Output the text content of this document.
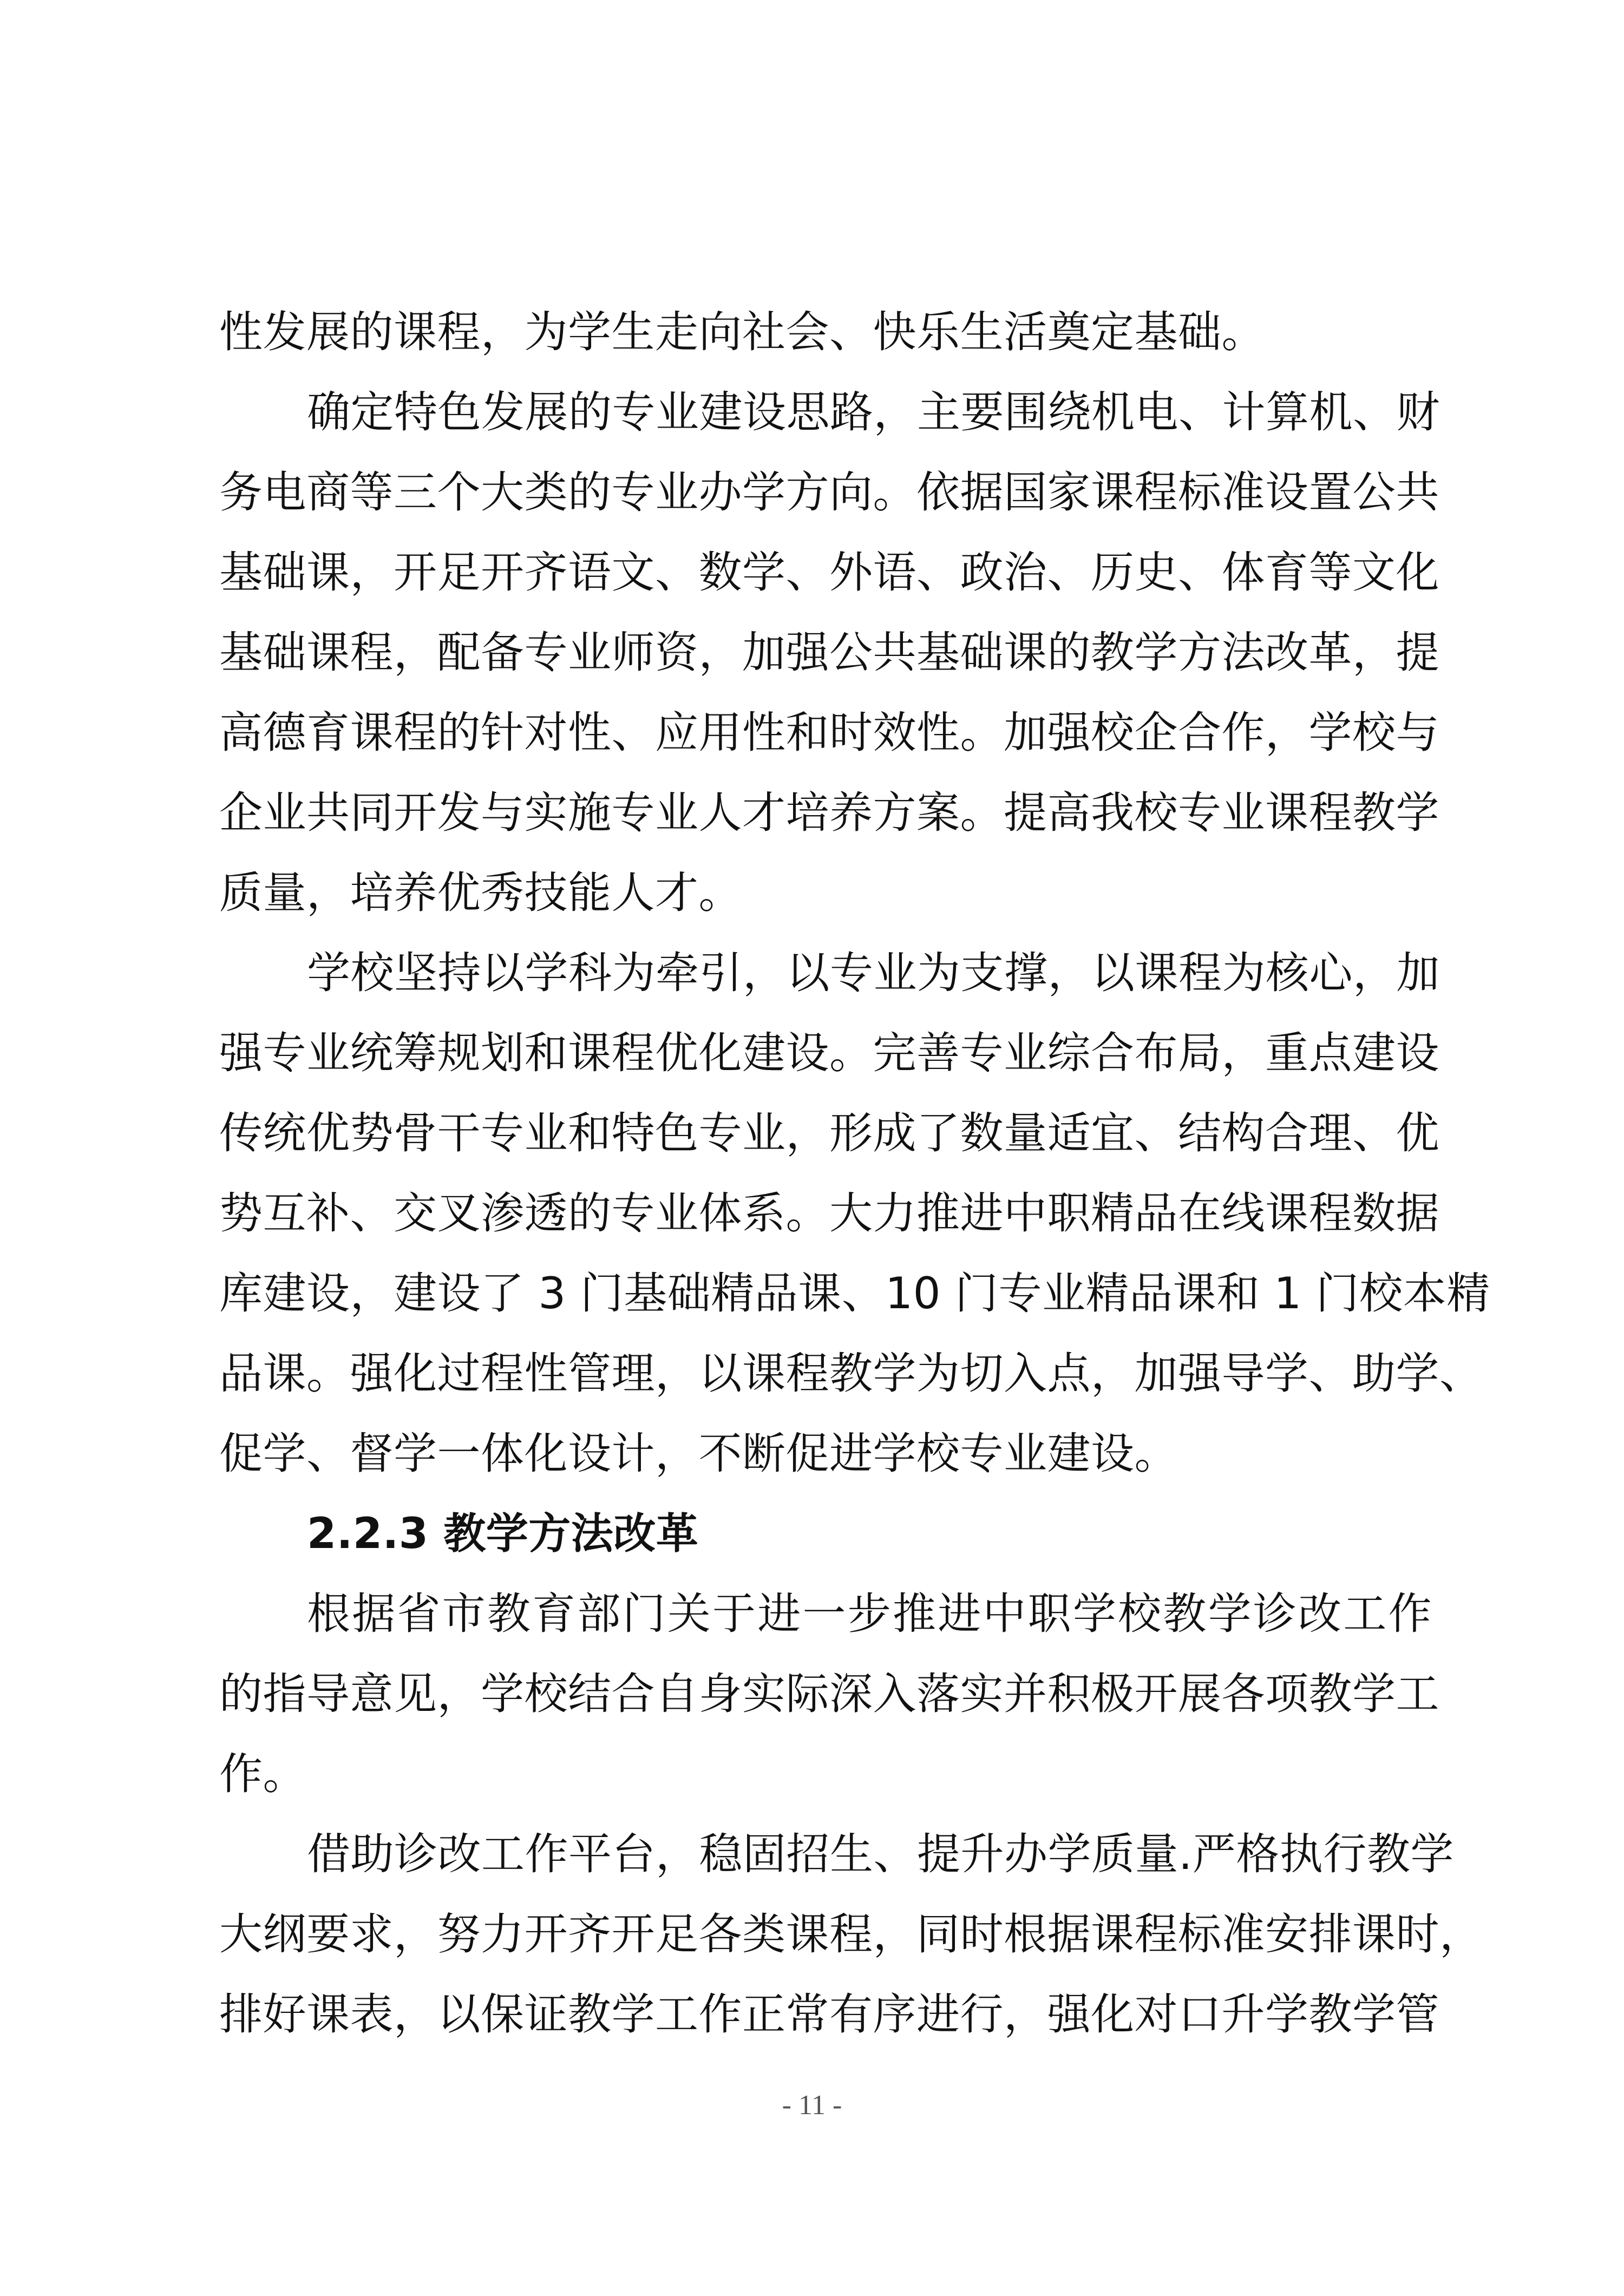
性发展的课程，为学生走向社会、快乐生活奠定基础。
确定特色发展的专业建设思路，主要围绕机电、计算机、财
务电商等三个大类的专业办学方向。依据国家课程标准设置公共
基础课，开足开齐语文、数学、外语、政治、历史、体育等文化
基础课程，配备专业师资，加强公共基础课的教学方法改革，提
高德育课程的针对性、应用性和时效性。加强校企合作，学校与
企业共同开发与实施专业人才培养方案。提高我校专业课程教学
质量，培养优秀技能人才。
学校坚持以学科为牵引，以专业为支撑，以课程为核心，加
强专业统筹规划和课程优化建设。完善专业综合布局，重点建设
传统优势骨干专业和特色专业，形成了数量适宜、结构合理、优
势互补、交叉渗透的专业体系。大力推进中职精品在线课程数据
库建设，建设了 3 门基础精品课、10 门专业精品课和 1 门校本精
品课。强化过程性管理，以课程教学为切入点，加强导学、助学、
促学、督学一体化设计，不断促进学校专业建设。
2.2.3 教学方法改革
根据省市教育部门关于进一步推进中职学校教学诊改工作
的指导意见，学校结合自身实际深入落实并积极开展各项教学工
作。
借助诊改工作平台，稳固招生、提升办学质量.严格执行教学
大纲要求，努力开齐开足各类课程，同时根据课程标准安排课时，
排好课表，以保证教学工作正常有序进行，强化对口升学教学管
- 11 -
